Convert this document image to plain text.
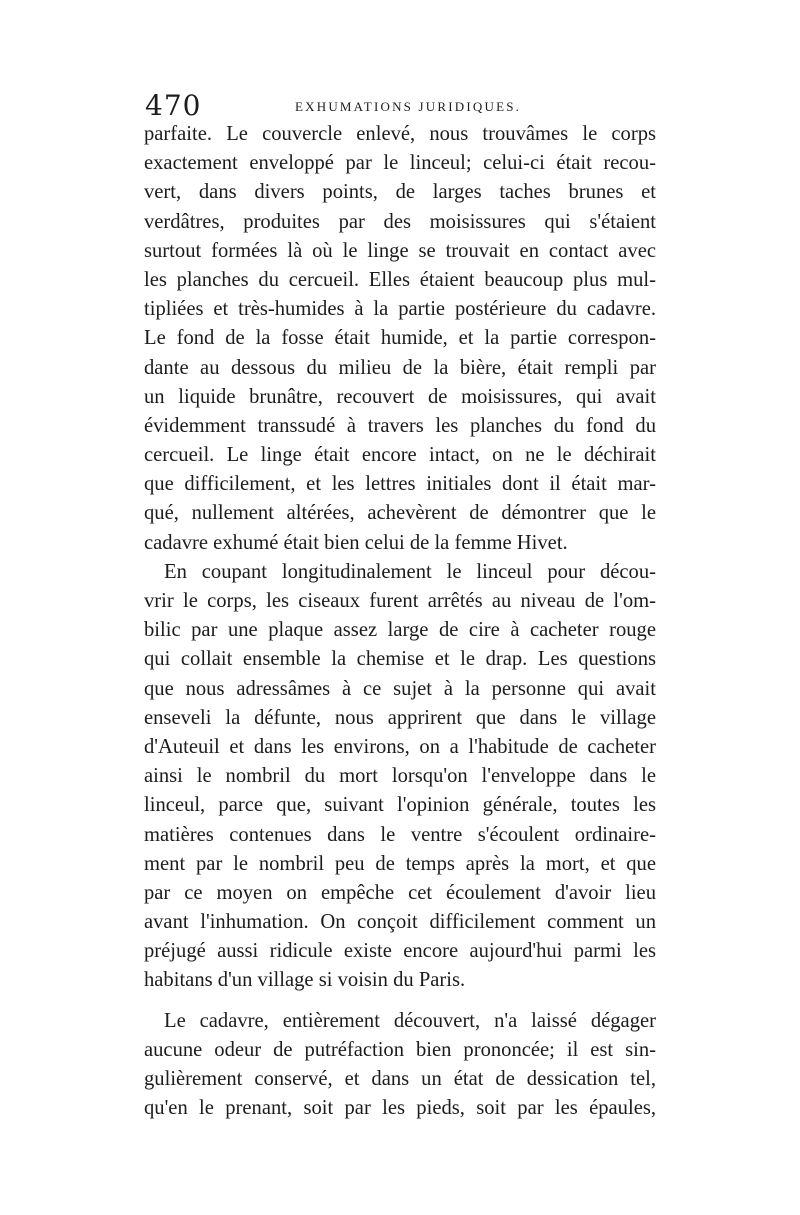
470	EXHUMATIONS JURIDIQUES.
parfaite. Le couvercle enlevé, nous trouvâmes le corps
exactement enveloppé par le linceul; celui-ci était recou-
vert, dans divers points, de larges taches brunes et
verdâtres, produites par des moisissures qui s'étaient
surtout formées là où le linge se trouvait en contact avec
les planches du cercueil. Elles étaient beaucoup plus mul-
tipliées et très-humides à la partie postérieure du cadavre.
Le fond de la fosse était humide, et la partie correspon-
dante au dessous du milieu de la bière, était rempli par
un liquide brunâtre, recouvert de moisissures, qui avait
évidemment transsudé à travers les planches du fond du
cercueil. Le linge était encore intact, on ne le déchirait
que difficilement, et les lettres initiales dont il était mar-
qué, nullement altérées, achevèrent de démontrer que le
cadavre exhumé était bien celui de la femme Hivet.
En coupant longitudinalement le linceul pour décou-
vrir le corps, les ciseaux furent arrêtés au niveau de l'om-
bilic par une plaque assez large de cire à cacheter rouge
qui collait ensemble la chemise et le drap. Les questions
que nous adressâmes à ce sujet à la personne qui avait
enseveli la défunte, nous apprirent que dans le village
d'Auteuil et dans les environs, on a l'habitude de cacheter
ainsi le nombril du mort lorsqu'on l'enveloppe dans le
linceul, parce que, suivant l'opinion générale, toutes les
matières contenues dans le ventre s'écoulent ordinaire-
ment par le nombril peu de temps après la mort, et que
par ce moyen on empêche cet écoulement d'avoir lieu
avant l'inhumation. On conçoit difficilement comment un
préjugé aussi ridicule existe encore aujourd'hui parmi les
habitans d'un village si voisin du Paris.
Le cadavre, entièrement découvert, n'a laissé dégager
aucune odeur de putréfaction bien prononcée; il est sin-
gulièrement conservé, et dans un état de dessication tel,
qu'en le prenant, soit par les pieds, soit par les épaules,
